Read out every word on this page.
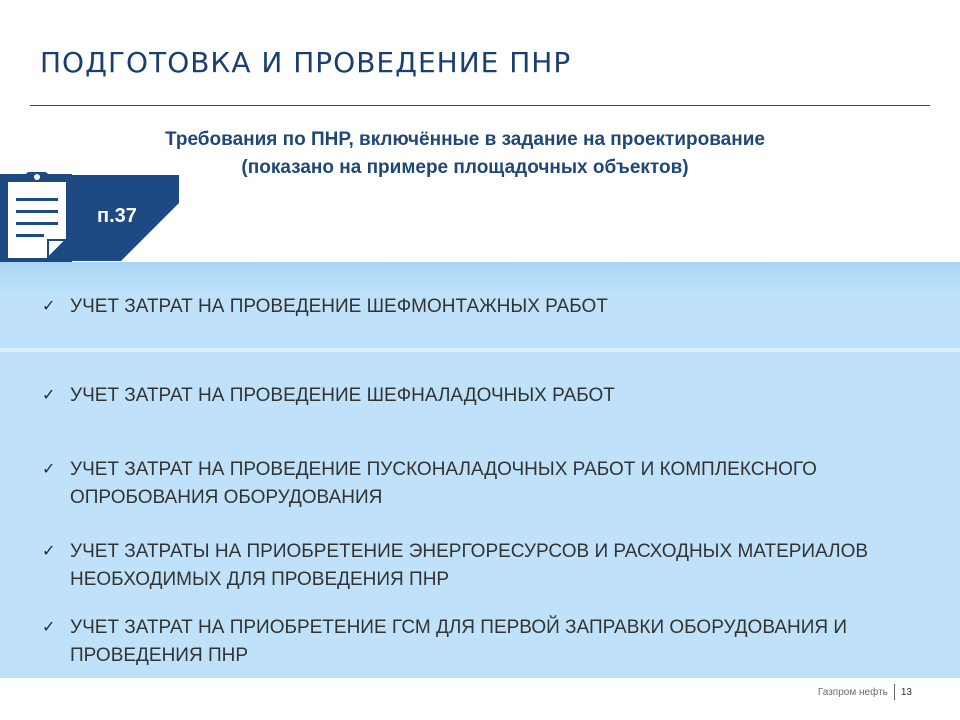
ПОДГОТОВКА И ПРОВЕДЕНИЕ ПНР
Требования по ПНР, включённые в задание на проектирование
(показано на примере площадочных объектов)
п.37
✓ УЧЕТ ЗАТРАТ НА ПРОВЕДЕНИЕ ШЕФМОНТАЖНЫХ РАБОТ
✓ УЧЕТ ЗАТРАТ НА ПРОВЕДЕНИЕ ШЕФНАЛАДОЧНЫХ РАБОТ
✓ УЧЕТ ЗАТРАТ НА ПРОВЕДЕНИЕ ПУСКОНАЛАДОЧНЫХ РАБОТ И КОМПЛЕКСНОГО ОПРОБОВАНИЯ ОБОРУДОВАНИЯ
✓ УЧЕТ ЗАТРАТЫ НА ПРИОБРЕТЕНИЕ ЭНЕРГОРЕСУРСОВ И РАСХОДНЫХ МАТЕРИАЛОВ НЕОБХОДИМЫХ ДЛЯ ПРОВЕДЕНИЯ ПНР
✓ УЧЕТ ЗАТРАТ НА ПРИОБРЕТЕНИЕ ГСМ ДЛЯ ПЕРВОЙ ЗАПРАВКИ ОБОРУДОВАНИЯ И ПРОВЕДЕНИЯ ПНР
Газпром нефть 13
